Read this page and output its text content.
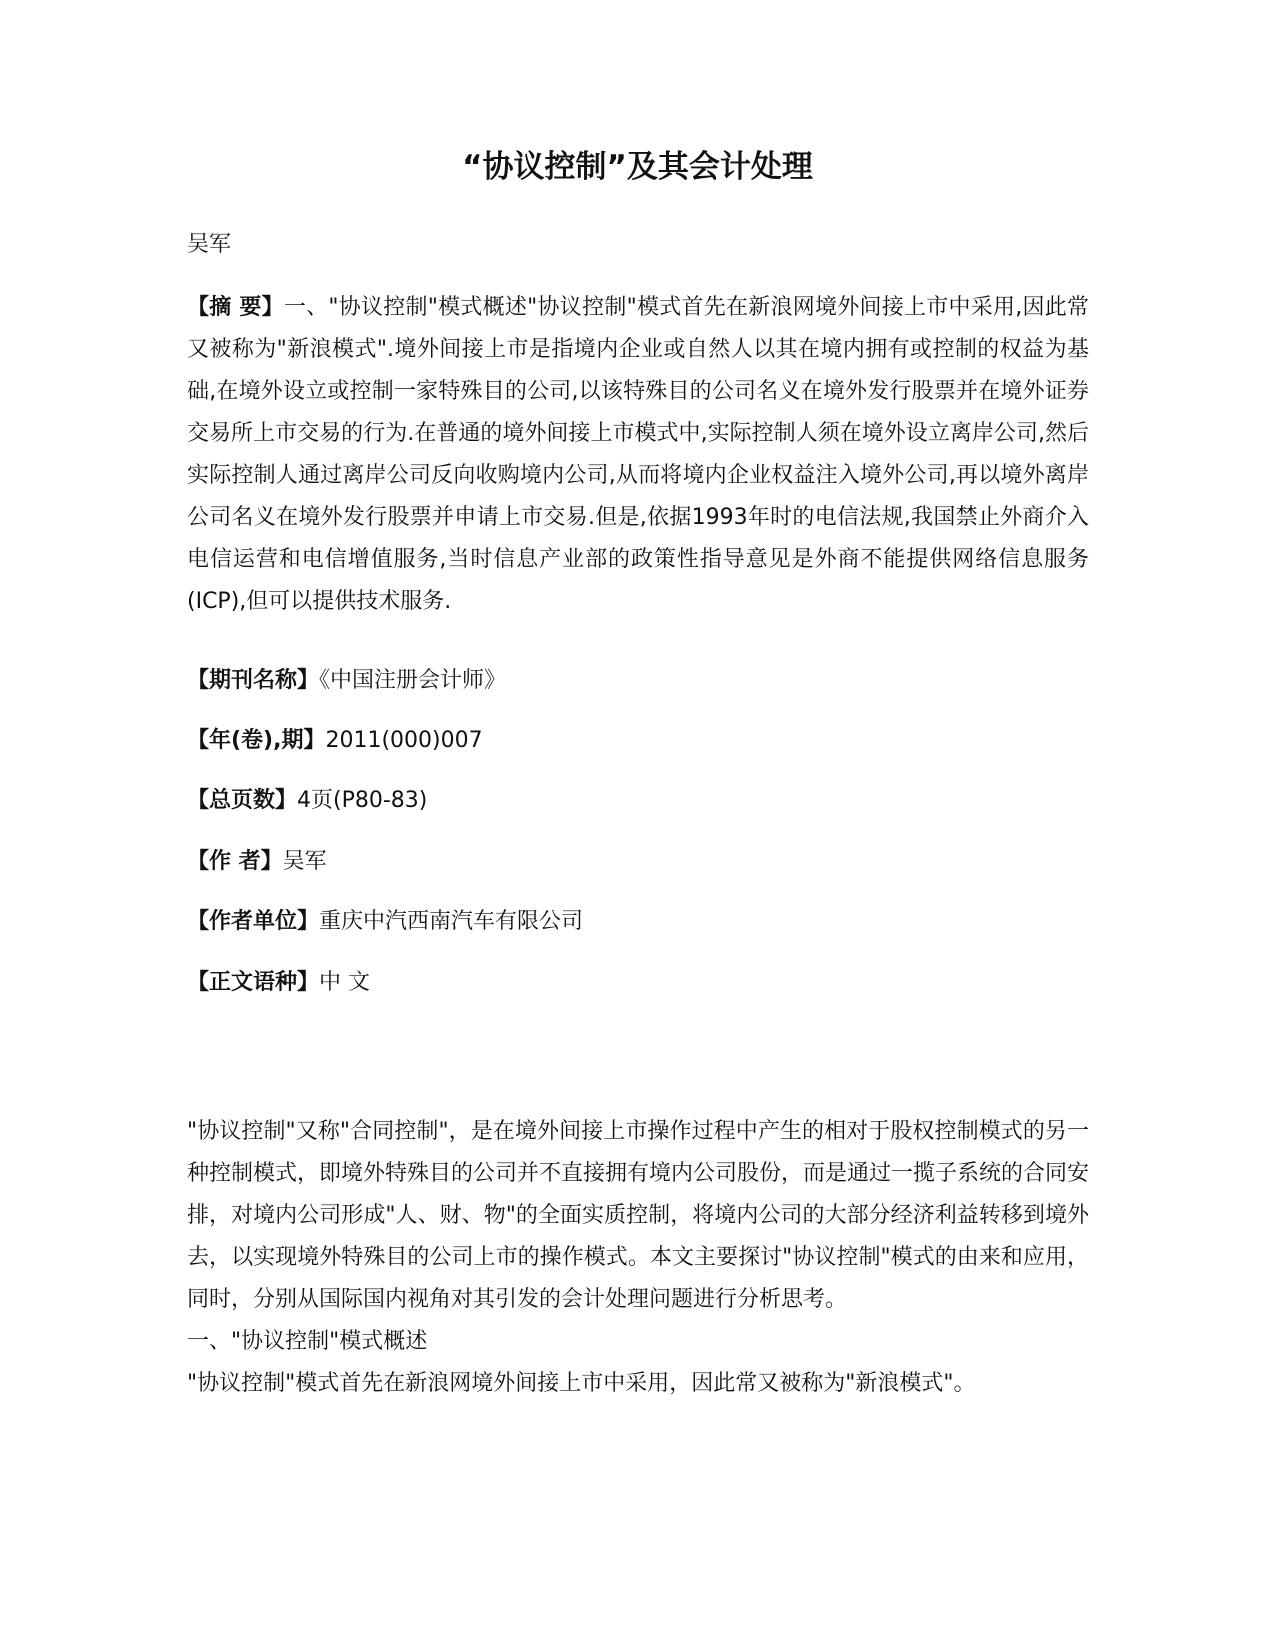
“协议控制”及其会计处理
吴军

【摘 要】一、"协议控制"模式概述"协议控制"模式首先在新浪网境外间接上市中采用,因此常又被称为"新浪模式".境外间接上市是指境内企业或自然人以其在境内拥有或控制的权益为基础,在境外设立或控制一家特殊目的公司,以该特殊目的公司名义在境外发行股票并在境外证券交易所上市交易的行为.在普通的境外间接上市模式中,实际控制人须在境外设立离岸公司,然后实际控制人通过离岸公司反向收购境内公司,从而将境内企业权益注入境外公司,再以境外离岸公司名义在境外发行股票并申请上市交易.但是,依据1993年时的电信法规,我国禁止外商介入电信运营和电信增值服务,当时信息产业部的政策性指导意见是外商不能提供网络信息服务(ICP),但可以提供技术服务.

【期刊名称】《中国注册会计师》
【年(卷),期】2011(000)007
【总页数】4页(P80-83)
【作 者】吴军
【作者单位】重庆中汽西南汽车有限公司
【正文语种】中 文

"协议控制"又称"合同控制"，是在境外间接上市操作过程中产生的相对于股权控制模式的另一种控制模式，即境外特殊目的公司并不直接拥有境内公司股份，而是通过一揽子系统的合同安排，对境内公司形成"人、财、物"的全面实质控制，将境内公司的大部分经济利益转移到境外去，以实现境外特殊目的公司上市的操作模式。本文主要探讨"协议控制"模式的由来和应用，同时，分别从国际国内视角对其引发的会计处理问题进行分析思考。

一、"协议控制"模式概述

"协议控制"模式首先在新浪网境外间接上市中采用，因此常又被称为"新浪模式"。
